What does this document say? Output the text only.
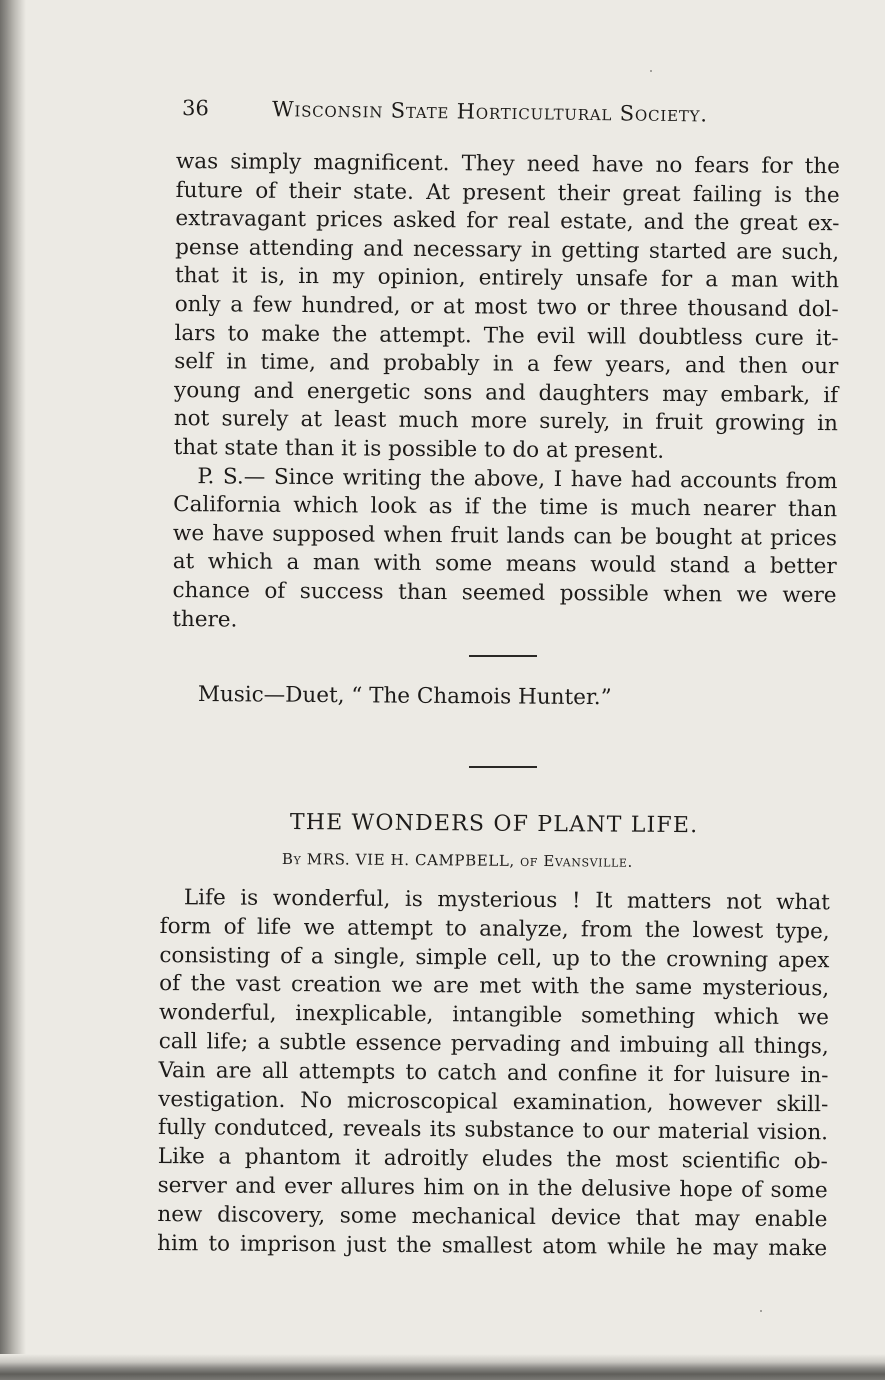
36	Wisconsin State Horticultural Society.
was simply magnificent. They need have no fears for the
future of their state. At present their great failing is the
extravagant prices asked for real estate, and the great ex-
pense attending and necessary in getting started are such,
that it is, in my opinion, entirely unsafe for a man with
only a few hundred, or at most two or three thousand dol-
lars to make the attempt. The evil will doubtless cure it-
self in time, and probably in a few years, and then our
young and energetic sons and daughters may embark, if
not surely at least much more surely, in fruit growing in
that state than it is possible to do at present.
P. S.— Since writing the above, I have had accounts from
California which look as if the time is much nearer than
we have supposed when fruit lands can be bought at prices
at which a man with some means would stand a better
chance of success than seemed possible when we were
there.
Music—Duet, “ The Chamois Hunter.”
THE WONDERS OF PLANT LIFE.
By MRS. VIE H. CAMPBELL, of Evansville.
Life is wonderful, is mysterious ! It matters not what
form of life we attempt to analyze, from the lowest type,
consisting of a single, simple cell, up to the crowning apex
of the vast creation we are met with the same mysterious,
wonderful, inexplicable, intangible something which we
call life; a subtle essence pervading and imbuing all things,
Vain are all attempts to catch and confine it for luisure in-
vestigation. No microscopical examination, however skill-
fully condutced, reveals its substance to our material vision.
Like a phantom it adroitly eludes the most scientific ob-
server and ever allures him on in the delusive hope of some
new discovery, some mechanical device that may enable
him to imprison just the smallest atom while he may make
